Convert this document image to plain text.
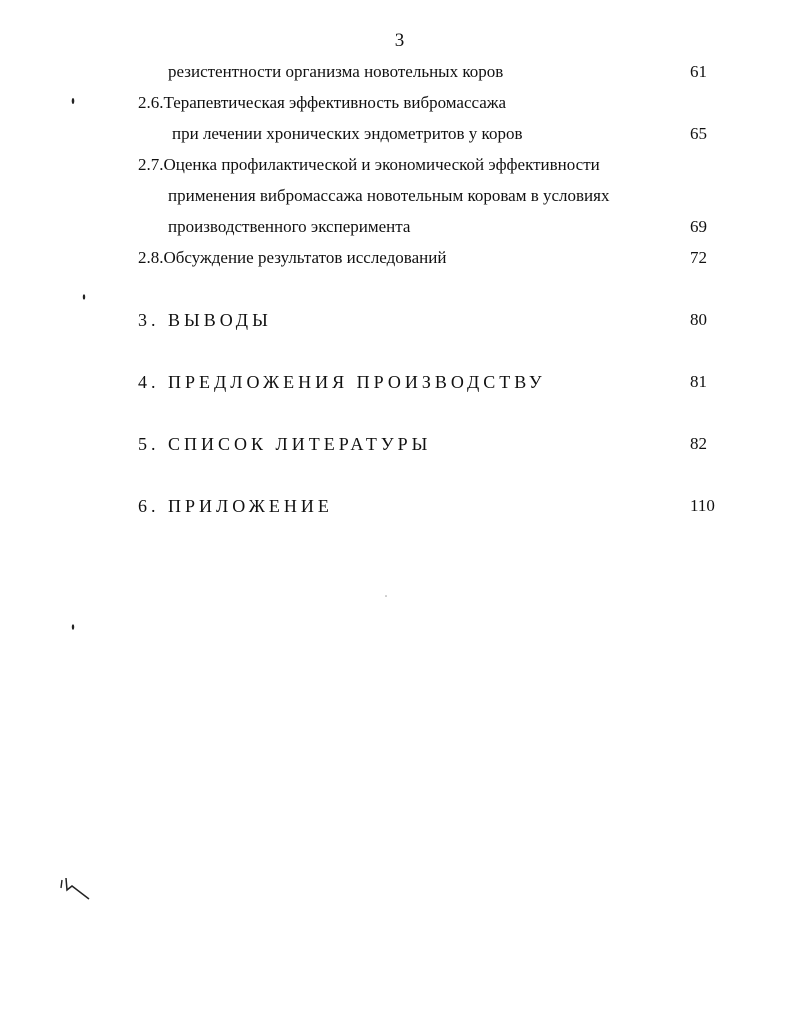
3
резистентности организма новотельных коров	61
2.6.Терапевтическая эффективность вибромассажа
при лечении хронических эндометритов у коров	65
2.7.Оценка профилактической и экономической эффективности
применения вибромассажа новотельным коровам в условиях
производственного эксперимента	69
2.8.Обсуждение результатов исследований	72
3. ВЫВОДЫ	80
4. ПРЕДЛОЖЕНИЯ ПРОИЗВОДСТВУ	81
5. СПИСОК ЛИТЕРАТУРЫ	82
6. ПРИЛОЖЕНИЕ	110
